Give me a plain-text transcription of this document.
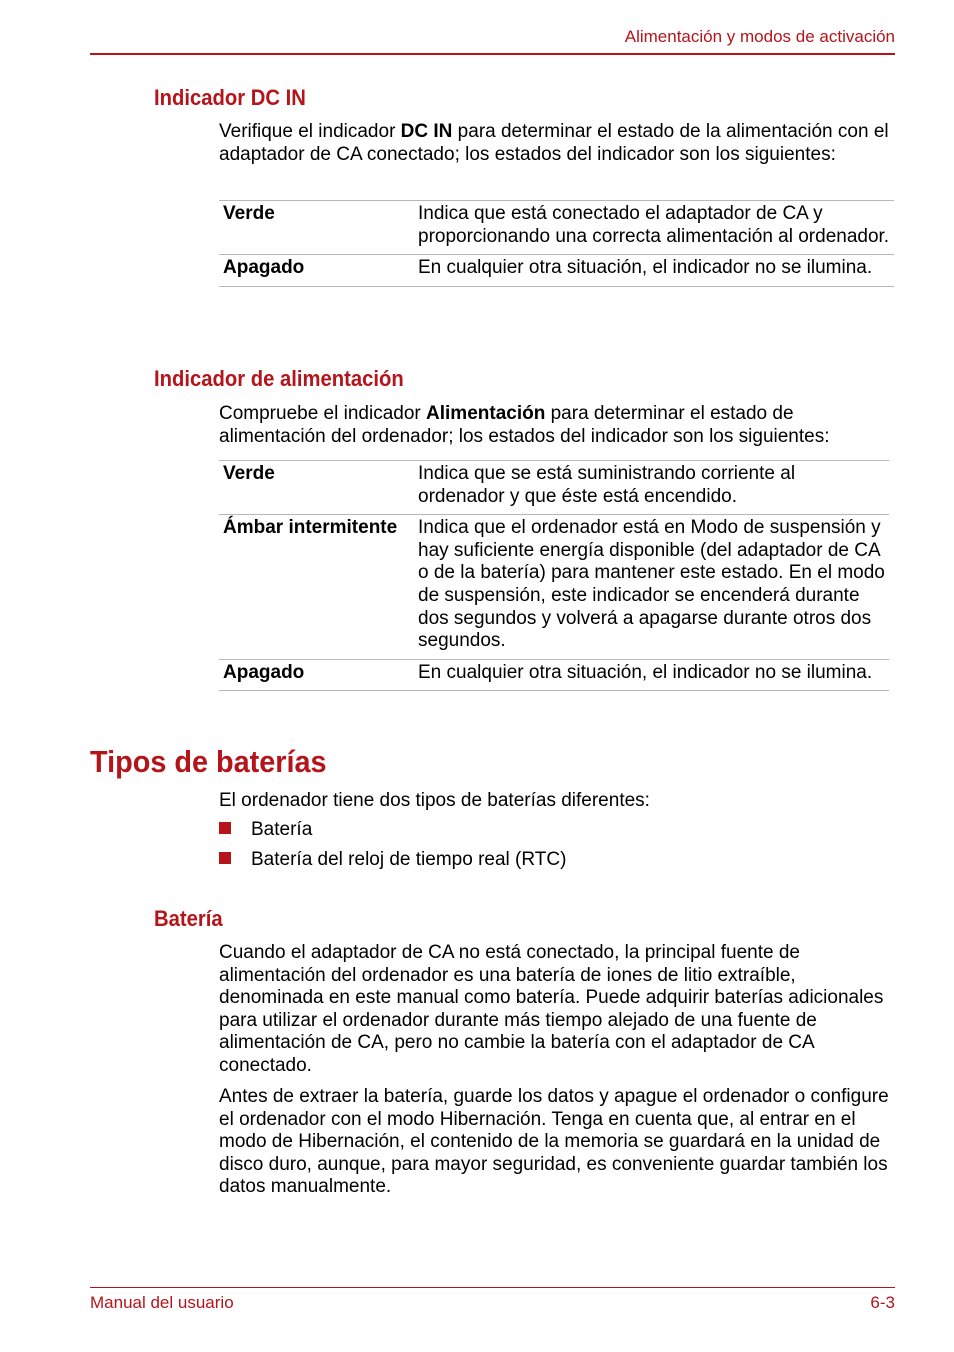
Alimentación y modos de activación
Indicador DC IN
Verifique el indicador DC IN para determinar el estado de la alimentación con el adaptador de CA conectado; los estados del indicador son los siguientes:
Verde	Indica que está conectado el adaptador de CA y proporcionando una correcta alimentación al ordenador.
Apagado	En cualquier otra situación, el indicador no se ilumina.
Indicador de alimentación
Compruebe el indicador Alimentación para determinar el estado de alimentación del ordenador; los estados del indicador son los siguientes:
Verde	Indica que se está suministrando corriente al ordenador y que éste está encendido.
Ámbar intermitente	Indica que el ordenador está en Modo de suspensión y hay suficiente energía disponible (del adaptador de CA o de la batería) para mantener este estado. En el modo de suspensión, este indicador se encenderá durante dos segundos y volverá a apagarse durante otros dos segundos.
Apagado	En cualquier otra situación, el indicador no se ilumina.
Tipos de baterías
El ordenador tiene dos tipos de baterías diferentes:
Batería
Batería del reloj de tiempo real (RTC)
Batería
Cuando el adaptador de CA no está conectado, la principal fuente de alimentación del ordenador es una batería de iones de litio extraíble, denominada en este manual como batería. Puede adquirir baterías adicionales para utilizar el ordenador durante más tiempo alejado de una fuente de alimentación de CA, pero no cambie la batería con el adaptador de CA conectado.
Antes de extraer la batería, guarde los datos y apague el ordenador o configure el ordenador con el modo Hibernación. Tenga en cuenta que, al entrar en el modo de Hibernación, el contenido de la memoria se guardará en la unidad de disco duro, aunque, para mayor seguridad, es conveniente guardar también los datos manualmente.
Manual del usuario	6-3
